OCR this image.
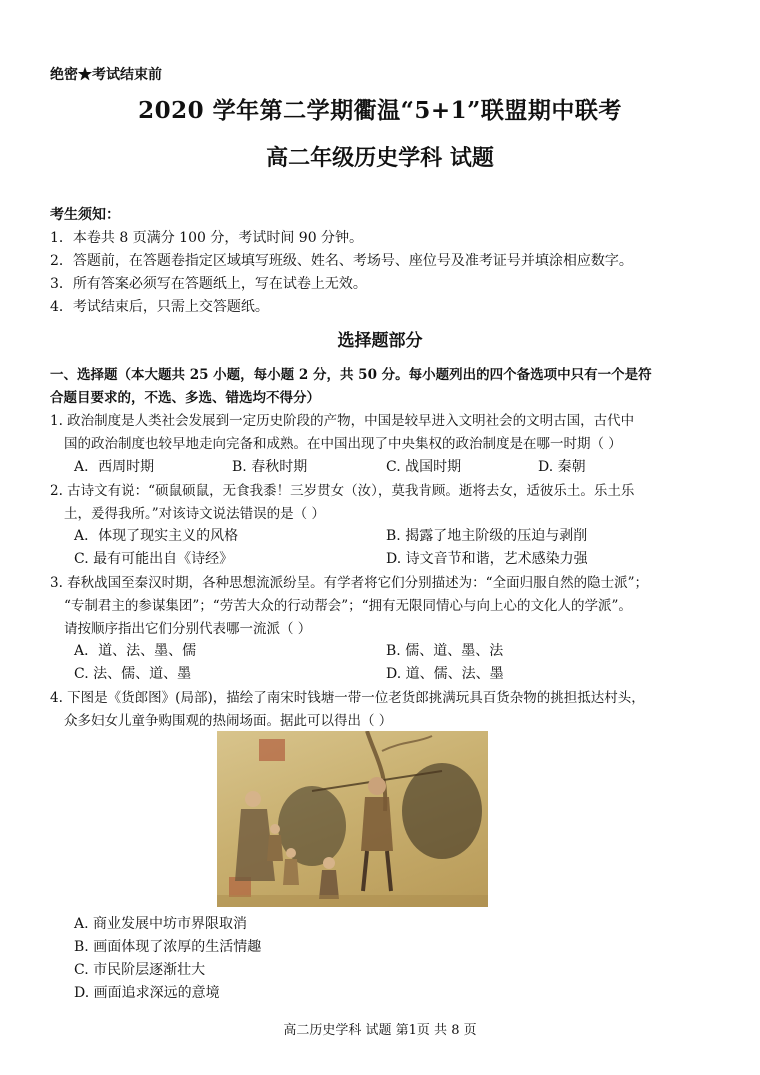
绝密★考试结束前
2020 学年第二学期衢温“5+1”联盟期中联考
高二年级历史学科 试题
考生须知：
1．本卷共 8 页满分 100 分，考试时间 90 分钟。
2．答题前，在答题卷指定区域填写班级、姓名、考场号、座位号及准考证号并填涂相应数字。
3．所有答案必须写在答题纸上，写在试卷上无效。
4．考试结束后，只需上交答题纸。
选择题部分
一、选择题（本大题共 25 小题，每小题 2 分，共 50 分。每小题列出的四个备选项中只有一个是符
合题目要求的，不选、多选、错选均不得分）
1. 政治制度是人类社会发展到一定历史阶段的产物，中国是较早进入文明社会的文明古国，古代中
国的政治制度也较早地走向完备和成熟。在中国出现了中央集权的政治制度是在哪一时期（ ）
A．西周时期	B. 春秋时期	C. 战国时期	D. 秦朝
2. 古诗文有说：“硕鼠硕鼠，无食我黍！三岁贯女（汝），莫我肯顾。逝将去女，适彼乐土。乐土乐
土，爰得我所。”对该诗文说法错误的是（ ）
A．体现了现实主义的风格	B. 揭露了地主阶级的压迫与剥削
C. 最有可能出自《诗经》	D. 诗文音节和谐，艺术感染力强
3. 春秋战国至秦汉时期，各种思想流派纷呈。有学者将它们分别描述为：“全面归服自然的隐士派”；
“专制君主的参谋集团”；“劳苦大众的行动帮会”；“拥有无限同情心与向上心的文化人的学派”。
请按顺序指出它们分别代表哪一流派（ ）
A．道、法、墨、儒	B. 儒、道、墨、法
C. 法、儒、道、墨	D. 道、儒、法、墨
4. 下图是《货郎图》(局部)，描绘了南宋时钱塘一带一位老货郎挑满玩具百货杂物的挑担抵达村头，
众多妇女儿童争购围观的热闹场面。据此可以得出（ ）
A. 商业发展中坊市界限取消
B. 画面体现了浓厚的生活情趣
C. 市民阶层逐渐壮大
D. 画面追求深远的意境
高二历史学科 试题 第1页 共 8 页
